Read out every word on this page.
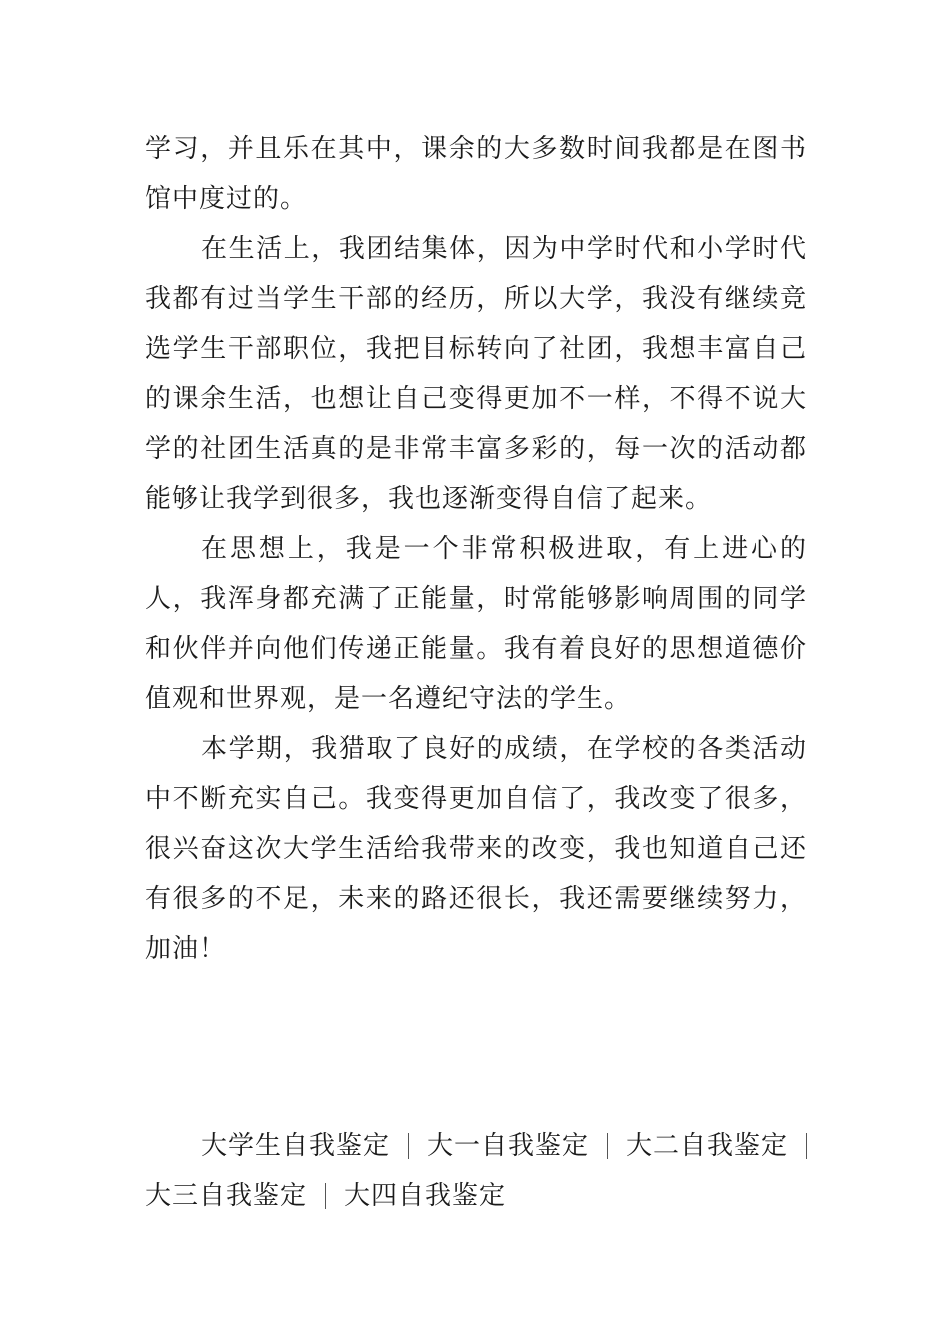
学习，并且乐在其中，课余的大多数时间我都是在图书馆中度过的。

在生活上，我团结集体，因为中学时代和小学时代我都有过当学生干部的经历，所以大学，我没有继续竞选学生干部职位，我把目标转向了社团，我想丰富自己的课余生活，也想让自己变得更加不一样，不得不说大学的社团生活真的是非常丰富多彩的，每一次的活动都能够让我学到很多，我也逐渐变得自信了起来。

在思想上，我是一个非常积极进取，有上进心的人，我浑身都充满了正能量，时常能够影响周围的同学和伙伴并向他们传递正能量。我有着良好的思想道德价值观和世界观，是一名遵纪守法的学生。

本学期，我猎取了良好的成绩，在学校的各类活动中不断充实自己。我变得更加自信了，我改变了很多，很兴奋这次大学生活给我带来的改变，我也知道自己还有很多的不足，未来的路还很长，我还需要继续努力，加油！

大学生自我鉴定 大一自我鉴定 大二自我鉴定
大三自我鉴定 大四自我鉴定
